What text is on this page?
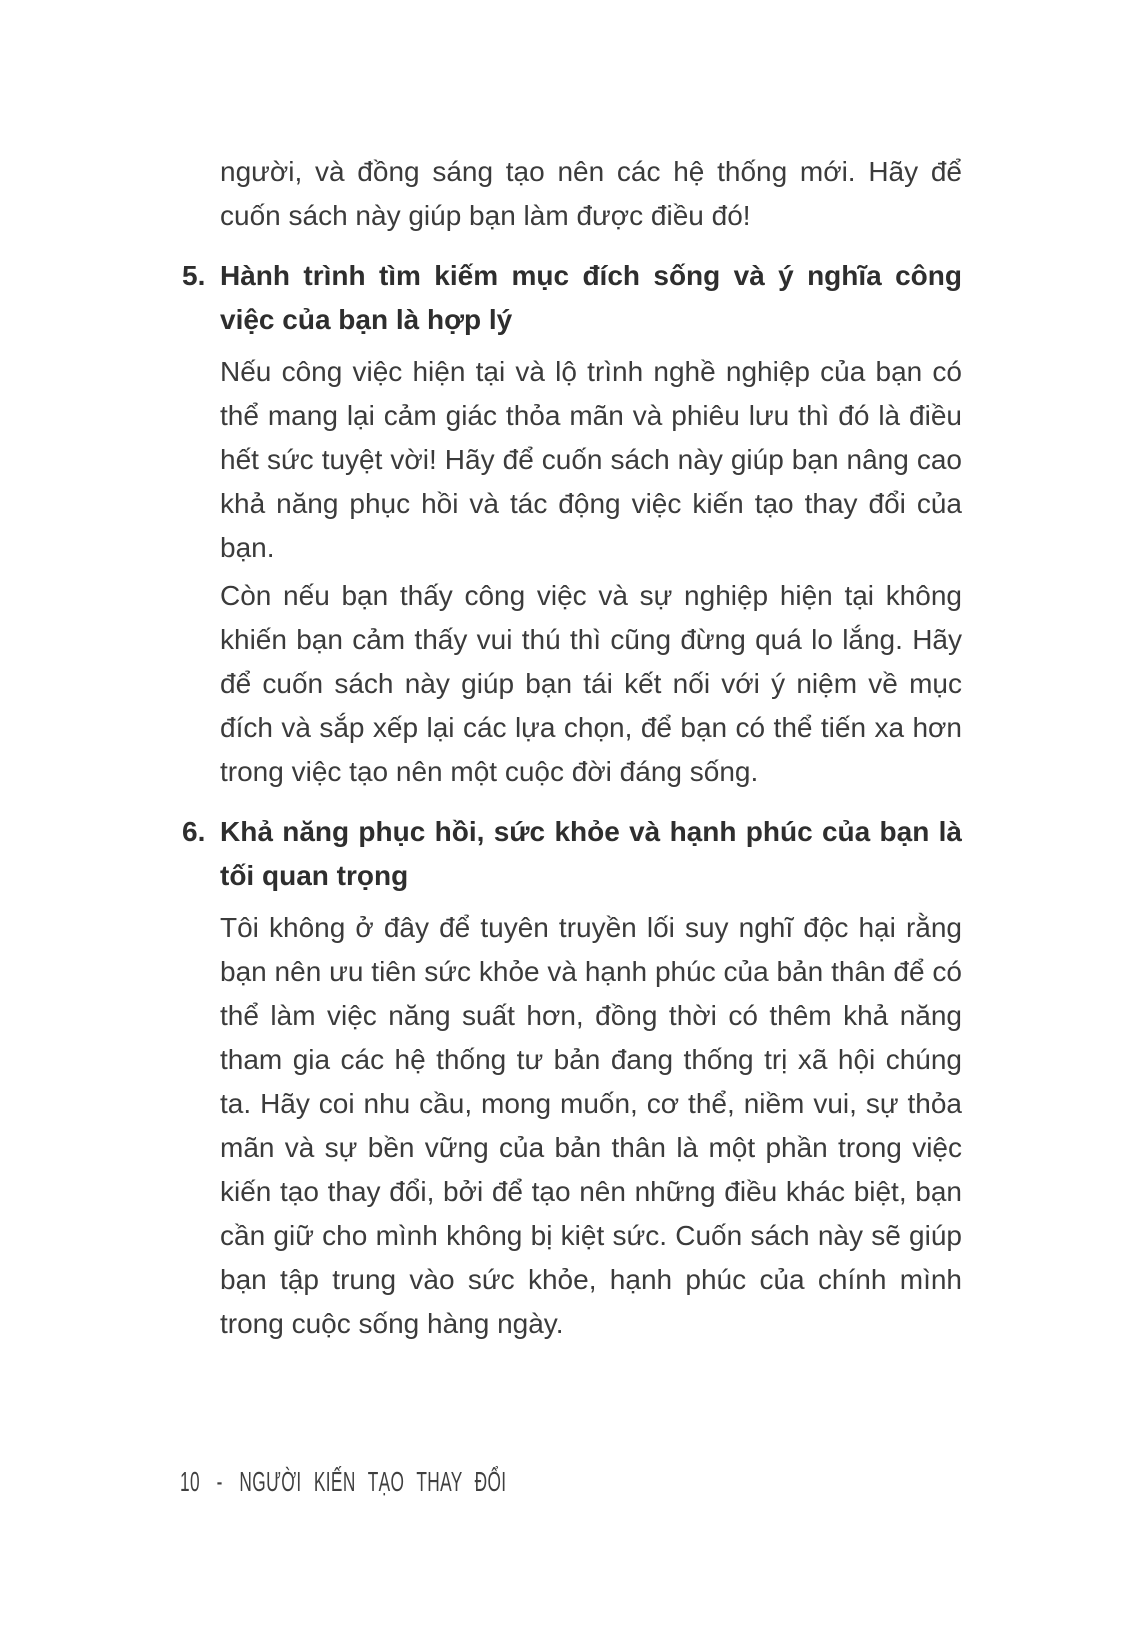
người, và đồng sáng tạo nên các hệ thống mới. Hãy để cuốn sách này giúp bạn làm được điều đó!

5. Hành trình tìm kiếm mục đích sống và ý nghĩa công việc của bạn là hợp lý

Nếu công việc hiện tại và lộ trình nghề nghiệp của bạn có thể mang lại cảm giác thỏa mãn và phiêu lưu thì đó là điều hết sức tuyệt vời! Hãy để cuốn sách này giúp bạn nâng cao khả năng phục hồi và tác động việc kiến tạo thay đổi của bạn.

Còn nếu bạn thấy công việc và sự nghiệp hiện tại không khiến bạn cảm thấy vui thú thì cũng đừng quá lo lắng. Hãy để cuốn sách này giúp bạn tái kết nối với ý niệm về mục đích và sắp xếp lại các lựa chọn, để bạn có thể tiến xa hơn trong việc tạo nên một cuộc đời đáng sống.

6. Khả năng phục hồi, sức khỏe và hạnh phúc của bạn là tối quan trọng

Tôi không ở đây để tuyên truyền lối suy nghĩ độc hại rằng bạn nên ưu tiên sức khỏe và hạnh phúc của bản thân để có thể làm việc năng suất hơn, đồng thời có thêm khả năng tham gia các hệ thống tư bản đang thống trị xã hội chúng ta. Hãy coi nhu cầu, mong muốn, cơ thể, niềm vui, sự thỏa mãn và sự bền vững của bản thân là một phần trong việc kiến tạo thay đổi, bởi để tạo nên những điều khác biệt, bạn cần giữ cho mình không bị kiệt sức. Cuốn sách này sẽ giúp bạn tập trung vào sức khỏe, hạnh phúc của chính mình trong cuộc sống hàng ngày.

10 - NGƯỜI KIẾN TẠO THAY ĐỔI
